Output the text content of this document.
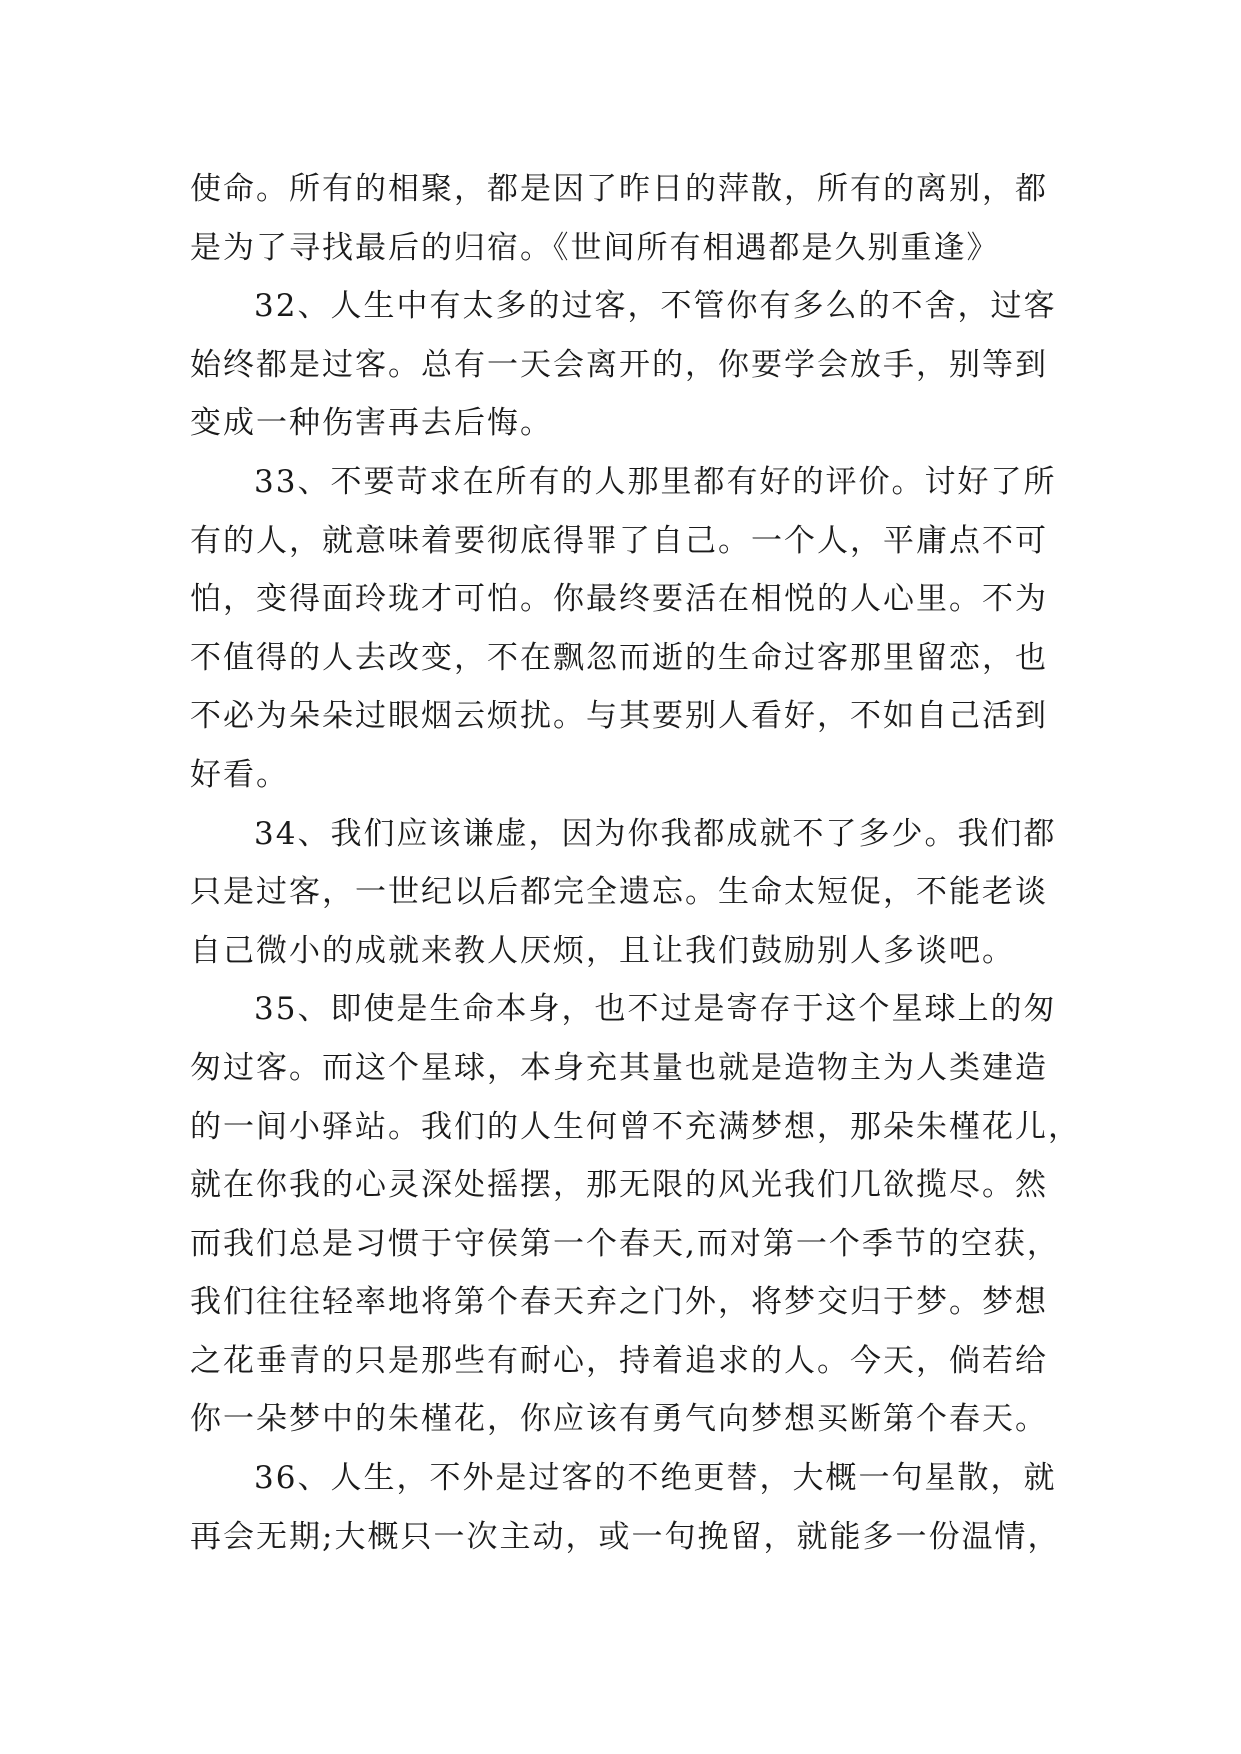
使命。所有的相聚，都是因了昨日的萍散，所有的离别，都
是为了寻找最后的归宿。《世间所有相遇都是久别重逢》
32、人生中有太多的过客，不管你有多么的不舍，过客
始终都是过客。总有一天会离开的，你要学会放手，别等到
变成一种伤害再去后悔。
33、不要苛求在所有的人那里都有好的评价。讨好了所
有的人，就意味着要彻底得罪了自己。一个人，平庸点不可
怕，变得面玲珑才可怕。你最终要活在相悦的人心里。不为
不值得的人去改变，不在飘忽而逝的生命过客那里留恋，也
不必为朵朵过眼烟云烦扰。与其要别人看好，不如自己活到
好看。
34、我们应该谦虚，因为你我都成就不了多少。我们都
只是过客，一世纪以后都完全遗忘。生命太短促，不能老谈
自己微小的成就来教人厌烦，且让我们鼓励别人多谈吧。
35、即使是生命本身，也不过是寄存于这个星球上的匆
匆过客。而这个星球，本身充其量也就是造物主为人类建造
的一间小驿站。我们的人生何曾不充满梦想，那朵朱槿花儿，
就在你我的心灵深处摇摆，那无限的风光我们几欲揽尽。然
而我们总是习惯于守侯第一个春天,而对第一个季节的空获，
我们往往轻率地将第个春天弃之门外，将梦交归于梦。梦想
之花垂青的只是那些有耐心，持着追求的人。今天，倘若给
你一朵梦中的朱槿花，你应该有勇气向梦想买断第个春天。
36、人生，不外是过客的不绝更替，大概一句星散，就
再会无期;大概只一次主动，或一句挽留，就能多一份温情，
